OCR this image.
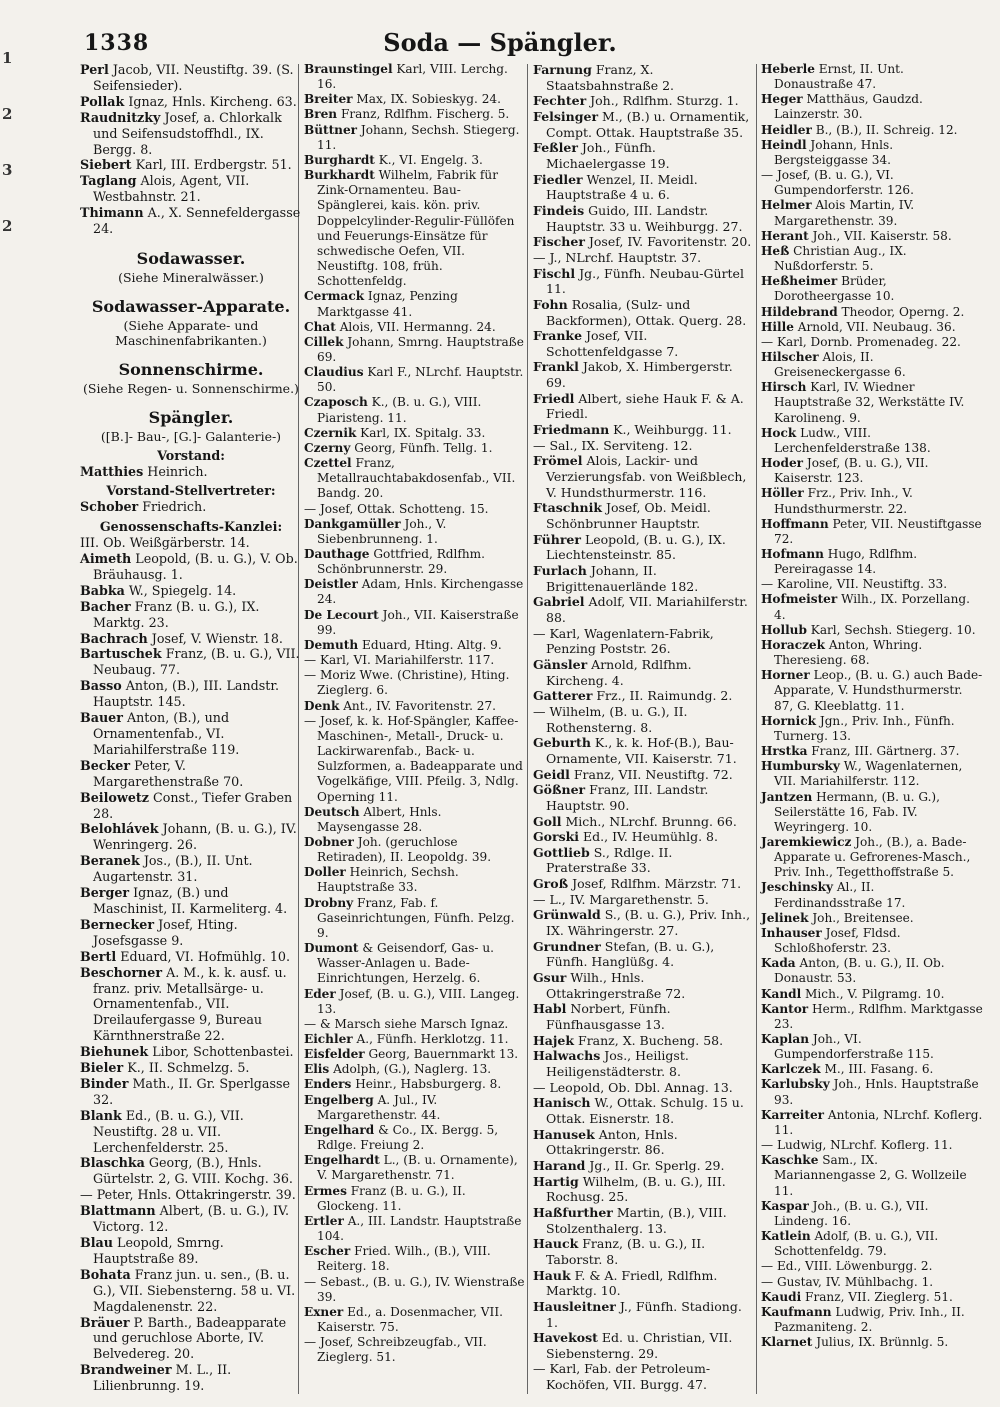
1
2
3
2
1338	Soda — Spängler.
Perl Jacob, VII. Neustiftg. 39. (S. Seifensieder).
Pollak Ignaz, Hnls. Kircheng. 63.
Raudnitzky Josef, a. Chlorkalk und Seifensudstoffhdl., IX. Bergg. 8.
Siebert Karl, III. Erdbergstr. 51.
Taglang Alois, Agent, VII. Westbahnstr. 21.
Thimann A., X. Sennefeldergasse 24.
Sodawasser.
(Siehe Mineralwässer.)
Sodawasser-Apparate.
(Siehe Apparate- und Maschinenfabrikanten.)
Sonnenschirme.
(Siehe Regen- u. Sonnenschirme.)
Spängler.
([B.]- Bau-, [G.]- Galanterie-)
Vorstand:
Matthies Heinrich.
Vorstand-Stellvertreter:
Schober Friedrich.
Genossenschafts-Kanzlei:
III. Ob. Weißgärberstr. 14.
Aimeth Leopold, (B. u. G.), V. Ob. Bräuhausg. 1.
Babka W., Spiegelg. 14.
Bacher Franz (B. u. G.), IX. Marktg. 23.
Bachrach Josef, V. Wienstr. 18.
Bartuschek Franz, (B. u. G.), VII. Neubaug. 77.
Basso Anton, (B.), III. Landstr. Hauptstr. 145.
Bauer Anton, (B.), und Ornamentenfab., VI. Mariahilferstraße 119.
Becker Peter, V. Margarethenstraße 70.
Beilowetz Const., Tiefer Graben 28.
Belohlávek Johann, (B. u. G.), IV. Wenringerg. 26.
Beranek Jos., (B.), II. Unt. Augartenstr. 31.
Berger Ignaz, (B.) und Maschinist, II. Karmeliterg. 4.
Bernecker Josef, Hting. Josefsgasse 9.
Bertl Eduard, VI. Hofmühlg. 10.
Beschorner A. M., k. k. ausf. u. franz. priv. Metallsärge- u. Ornamentenfab., VII. Dreilaufergasse 9, Bureau Kärnthnerstraße 22.
Biehunek Libor, Schottenbastei.
Bieler K., II. Schmelzg. 5.
Binder Math., II. Gr. Sperlgasse 32.
Blank Ed., (B. u. G.), VII. Neustiftg. 28 u. VII. Lerchenfelderstr. 25.
Blaschka Georg, (B.), Hnls. Gürtelstr. 2, G. VIII. Kochg. 36.
— Peter, Hnls. Ottakringerstr. 39.
Blattmann Albert, (B. u. G.), IV. Victorg. 12.
Blau Leopold, Smrng. Hauptstraße 89.
Bohata Franz jun. u. sen., (B. u. G.), VII. Siebensterng. 58 u. VI. Magdalenenstr. 22.
Bräuer P. Barth., Badeapparate und geruchlose Aborte, IV. Belvedereg. 20.
Brandweiner M. L., II. Lilienbrunng. 19.
Braunstingel Karl, VIII. Lerchg. 16.
Breiter Max, IX. Sobieskyg. 24.
Bren Franz, Rdlfhm. Fischerg. 5.
Büttner Johann, Sechsh. Stiegerg. 11.
Burghardt K., VI. Engelg. 3.
Burkhardt Wilhelm, Fabrik für Zink-Ornamenteu. Bau-Spänglerei, kais. kön. priv. Doppelcylinder-Regulir-Füllöfen und Feuerungs-Einsätze für schwedische Oefen, VII. Neustiftg. 108, früh. Schottenfeldg.
Cermack Ignaz, Penzing Marktgasse 41.
Chat Alois, VII. Hermanng. 24.
Cillek Johann, Smrng. Hauptstraße 69.
Claudius Karl F., NLrchf. Hauptstr. 50.
Czaposch K., (B. u. G.), VIII. Piaristeng. 11.
Czernik Karl, IX. Spitalg. 33.
Czerny Georg, Fünfh. Tellg. 1.
Czettel Franz, Metallrauchtabakdosenfab., VII. Bandg. 20.
— Josef, Ottak. Schotteng. 15.
Dankgamüller Joh., V. Siebenbrunneng. 1.
Dauthage Gottfried, Rdlfhm. Schönbrunnerstr. 29.
Deistler Adam, Hnls. Kirchengasse 24.
De Lecourt Joh., VII. Kaiserstraße 99.
Demuth Eduard, Hting. Altg. 9.
— Karl, VI. Mariahilferstr. 117.
— Moriz Wwe. (Christine), Hting. Zieglerg. 6.
Denk Ant., IV. Favoritenstr. 27.
— Josef, k. k. Hof-Spängler, Kaffee-Maschinen-, Metall-, Druck- u. Lackirwarenfab., Back- u. Sulzformen, a. Badeapparate und Vogelkäfige, VIII. Pfeilg. 3, Ndlg. Operning 11.
Deutsch Albert, Hnls. Maysengasse 28.
Dobner Joh. (geruchlose Retiraden), II. Leopoldg. 39.
Doller Heinrich, Sechsh. Hauptstraße 33.
Drobny Franz, Fab. f. Gaseinrichtungen, Fünfh. Pelzg. 9.
Dumont & Geisendorf, Gas- u. Wasser-Anlagen u. Bade-Einrichtungen, Herzelg. 6.
Eder Josef, (B. u. G.), VIII. Langeg. 13.
— & Marsch siehe Marsch Ignaz.
Eichler A., Fünfh. Herklotzg. 11.
Eisfelder Georg, Bauernmarkt 13.
Elis Adolph, (G.), Naglerg. 13.
Enders Heinr., Habsburgerg. 8.
Engelberg A. Jul., IV. Margarethenstr. 44.
Engelhard & Co., IX. Bergg. 5, Rdlge. Freiung 2.
Engelhardt L., (B. u. Ornamente), V. Margarethenstr. 71.
Ermes Franz (B. u. G.), II. Glockeng. 11.
Ertler A., III. Landstr. Hauptstraße 104.
Escher Fried. Wilh., (B.), VIII. Reiterg. 18.
— Sebast., (B. u. G.), IV. Wienstraße 39.
Exner Ed., a. Dosenmacher, VII. Kaiserstr. 75.
— Josef, Schreibzeugfab., VII. Zieglerg. 51.
Farnung Franz, X. Staatsbahnstraße 2.
Fechter Joh., Rdlfhm. Sturzg. 1.
Felsinger M., (B.) u. Ornamentik, Compt. Ottak. Hauptstraße 35.
Feßler Joh., Fünfh. Michaelergasse 19.
Fiedler Wenzel, II. Meidl. Hauptstraße 4 u. 6.
Findeis Guido, III. Landstr. Hauptstr. 33 u. Weihburgg. 27.
Fischer Josef, IV. Favoritenstr. 20.
— J., NLrchf. Hauptstr. 37.
Fischl Jg., Fünfh. Neubau-Gürtel 11.
Fohn Rosalia, (Sulz- und Backformen), Ottak. Querg. 28.
Franke Josef, VII. Schottenfeldgasse 7.
Frankl Jakob, X. Himbergerstr. 69.
Friedl Albert, siehe Hauk F. & A. Friedl.
Friedmann K., Weihburgg. 11.
— Sal., IX. Serviteng. 12.
Frömel Alois, Lackir- und Verzierungsfab. von Weißblech, V. Hundsthurmerstr. 116.
Ftaschnik Josef, Ob. Meidl. Schönbrunner Hauptstr.
Führer Leopold, (B. u. G.), IX. Liechtensteinstr. 85.
Furlach Johann, II. Brigittenauerlände 182.
Gabriel Adolf, VII. Mariahilferstr. 88.
— Karl, Wagenlatern-Fabrik, Penzing Poststr. 26.
Gänsler Arnold, Rdlfhm. Kircheng. 4.
Gatterer Frz., II. Raimundg. 2.
— Wilhelm, (B. u. G.), II. Rothensterng. 8.
Geburth K., k. k. Hof-(B.), Bau-Ornamente, VII. Kaiserstr. 71.
Geidl Franz, VII. Neustiftg. 72.
Gößner Franz, III. Landstr. Hauptstr. 90.
Goll Mich., NLrchf. Brunng. 66.
Gorski Ed., IV. Heumühlg. 8.
Gottlieb S., Rdlge. II. Praterstraße 33.
Groß Josef, Rdlfhm. Märzstr. 71.
— L., IV. Margarethenstr. 5.
Grünwald S., (B. u. G.), Priv. Inh., IX. Währingerstr. 27.
Grundner Stefan, (B. u. G.), Fünfh. Hanglüßg. 4.
Gsur Wilh., Hnls. Ottakringerstraße 72.
Habl Norbert, Fünfh. Fünfhausgasse 13.
Hajek Franz, X. Bucheng. 58.
Halwachs Jos., Heiligst. Heiligenstädterstr. 8.
— Leopold, Ob. Dbl. Annag. 13.
Hanisch W., Ottak. Schulg. 15 u. Ottak. Eisnerstr. 18.
Hanusek Anton, Hnls. Ottakringerstr. 86.
Harand Jg., II. Gr. Sperlg. 29.
Hartig Wilhelm, (B. u. G.), III. Rochusg. 25.
Haßfurther Martin, (B.), VIII. Stolzenthalerg. 13.
Hauck Franz, (B. u. G.), II. Taborstr. 8.
Hauk F. & A. Friedl, Rdlfhm. Marktg. 10.
Hausleitner J., Fünfh. Stadiong. 1.
Havekost Ed. u. Christian, VII. Siebensterng. 29.
— Karl, Fab. der Petroleum-Kochöfen, VII. Burgg. 47.
Heberle Ernst, II. Unt. Donaustraße 47.
Heger Matthäus, Gaudzd. Lainzerstr. 30.
Heidler B., (B.), II. Schreig. 12.
Heindl Johann, Hnls. Bergsteiggasse 34.
— Josef, (B. u. G.), VI. Gumpendorferstr. 126.
Helmer Alois Martin, IV. Margarethenstr. 39.
Herant Joh., VII. Kaiserstr. 58.
Heß Christian Aug., IX. Nußdorferstr. 5.
Heßheimer Brüder, Dorotheergasse 10.
Hildebrand Theodor, Operng. 2.
Hille Arnold, VII. Neubaug. 36.
— Karl, Dornb. Promenadeg. 22.
Hilscher Alois, II. Greiseneckergasse 6.
Hirsch Karl, IV. Wiedner Hauptstraße 32, Werkstätte IV. Karolineng. 9.
Hock Ludw., VIII. Lerchenfelderstraße 138.
Hoder Josef, (B. u. G.), VII. Kaiserstr. 123.
Höller Frz., Priv. Inh., V. Hundsthurmerstr. 22.
Hoffmann Peter, VII. Neustiftgasse 72.
Hofmann Hugo, Rdlfhm. Pereiragasse 14.
— Karoline, VII. Neustiftg. 33.
Hofmeister Wilh., IX. Porzellang. 4.
Hollub Karl, Sechsh. Stiegerg. 10.
Horaczek Anton, Whring. Theresieng. 68.
Horner Leop., (B. u. G.) auch Bade-Apparate, V. Hundsthurmerstr. 87, G. Kleeblattg. 11.
Hornick Jgn., Priv. Inh., Fünfh. Turnerg. 13.
Hrstka Franz, III. Gärtnerg. 37.
Humbursky W., Wagenlaternen, VII. Mariahilferstr. 112.
Jantzen Hermann, (B. u. G.), Seilerstätte 16, Fab. IV. Weyringerg. 10.
Jaremkiewicz Joh., (B.), a. Bade-Apparate u. Gefrorenes-Masch., Priv. Inh., Tegetthoffstraße 5.
Jeschinsky Al., II. Ferdinandsstraße 17.
Jelinek Joh., Breitensee.
Inhauser Josef, Fldsd. Schloßhoferstr. 23.
Kada Anton, (B. u. G.), II. Ob. Donaustr. 53.
Kandl Mich., V. Pilgramg. 10.
Kantor Herm., Rdlfhm. Marktgasse 23.
Kaplan Joh., VI. Gumpendorferstraße 115.
Karlczek M., III. Fasang. 6.
Karlubsky Joh., Hnls. Hauptstraße 93.
Karreiter Antonia, NLrchf. Koflerg. 11.
— Ludwig, NLrchf. Koflerg. 11.
Kaschke Sam., IX. Mariannengasse 2, G. Wollzeile 11.
Kaspar Joh., (B. u. G.), VII. Lindeng. 16.
Katlein Adolf, (B. u. G.), VII. Schottenfeldg. 79.
— Ed., VIII. Löwenburgg. 2.
— Gustav, IV. Mühlbachg. 1.
Kaudi Franz, VII. Zieglerg. 51.
Kaufmann Ludwig, Priv. Inh., II. Pazmaniteng. 2.
Klarnet Julius, IX. Brünnlg. 5.
